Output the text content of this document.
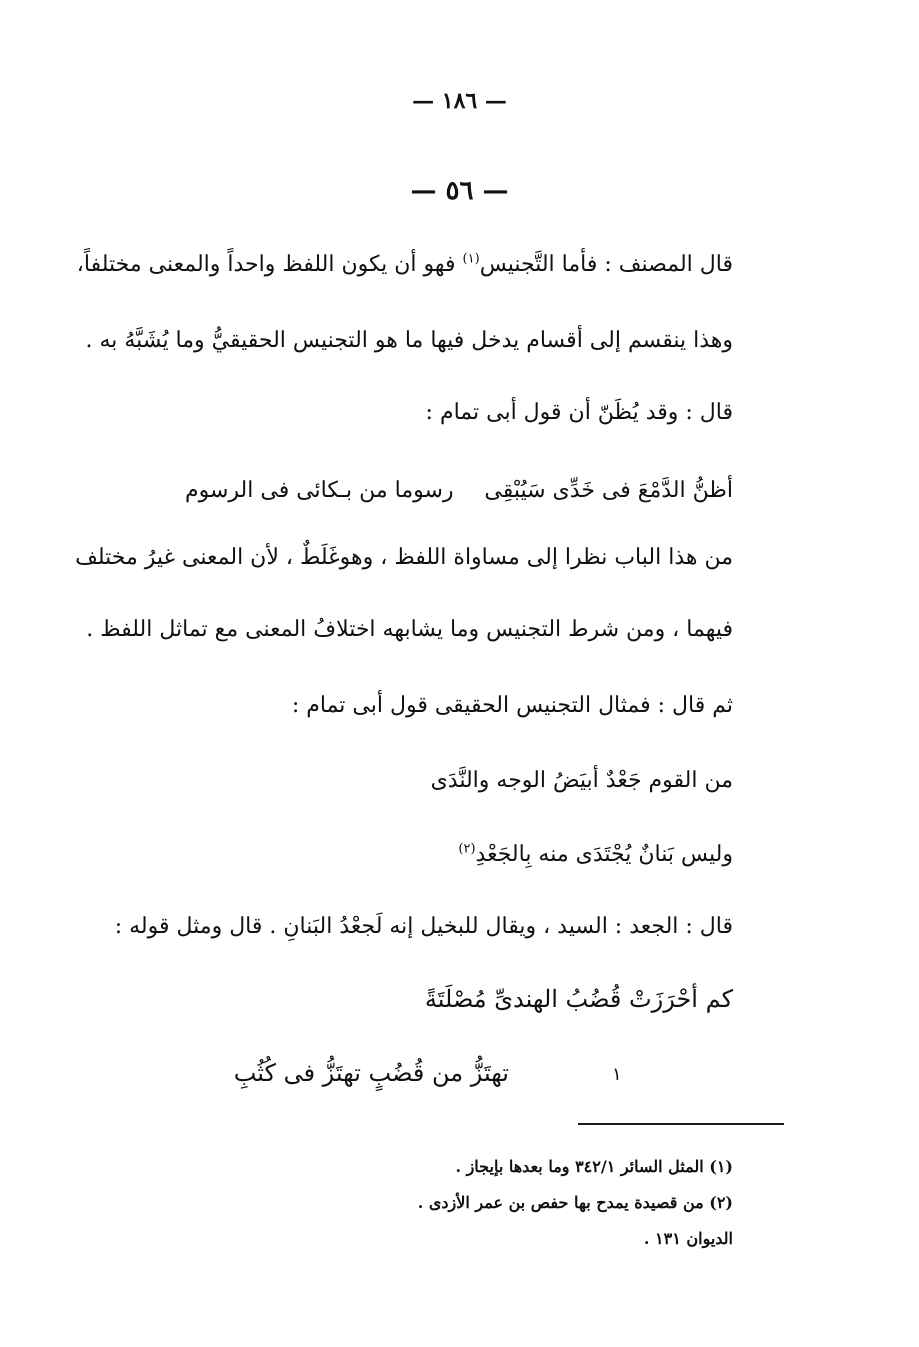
— ١٨٦ —
— ٥٦ —
قال المصنف : فأما التَّجنيس$^{(١)}$ فهو أن يكون اللفظ واحداً والمعنى مختلفاً،
وهذا ينقسم إلى أقسام يدخل فيها ما هو التجنيس الحقيقيُّ وما يُشَبَّهُ به .
قال : وقد يُظَنّ أن قول أبى تمام :
أظنُّ الدَّمْعَ فى خَدِّى سَيُبْقِى
رسوما من بـكائى فى الرسوم
من هذا الباب نظرا إلى مساواة اللفظ ، وهوغَلَطٌ ، لأن المعنى غيرُ مختلف
فيهما ، ومن شرط التجنيس وما يشابهه اختلافُ المعنى مع تماثل اللفظ .
ثم قال : فمثال التجنيس الحقيقى قول أبى تمام :
من القوم جَعْدٌ أبيَضُ الوجه والنَّدَى
وليس بَنانٌ يُجْتَدَى منه بِالجَعْدِ$^{(٢)}$
قال : الجعد : السيد ، ويقال للبخيل إنه لَجعْدُ البَنانِ . قال ومثل قوله :
كم أحْرَزَتْ قُضُبُ الهندىِّ مُصْلَتَةً
تهتَزُّ من قُضُبٍ تهتَزُّ فى كُثُبِ	١
(١) المثل السائر ٣٤٢/١ وما بعدها بإيجاز .
(٢) من قصيدة يمدح بها حفص بن عمر الأزدى .
الديوان ١٣١ .
